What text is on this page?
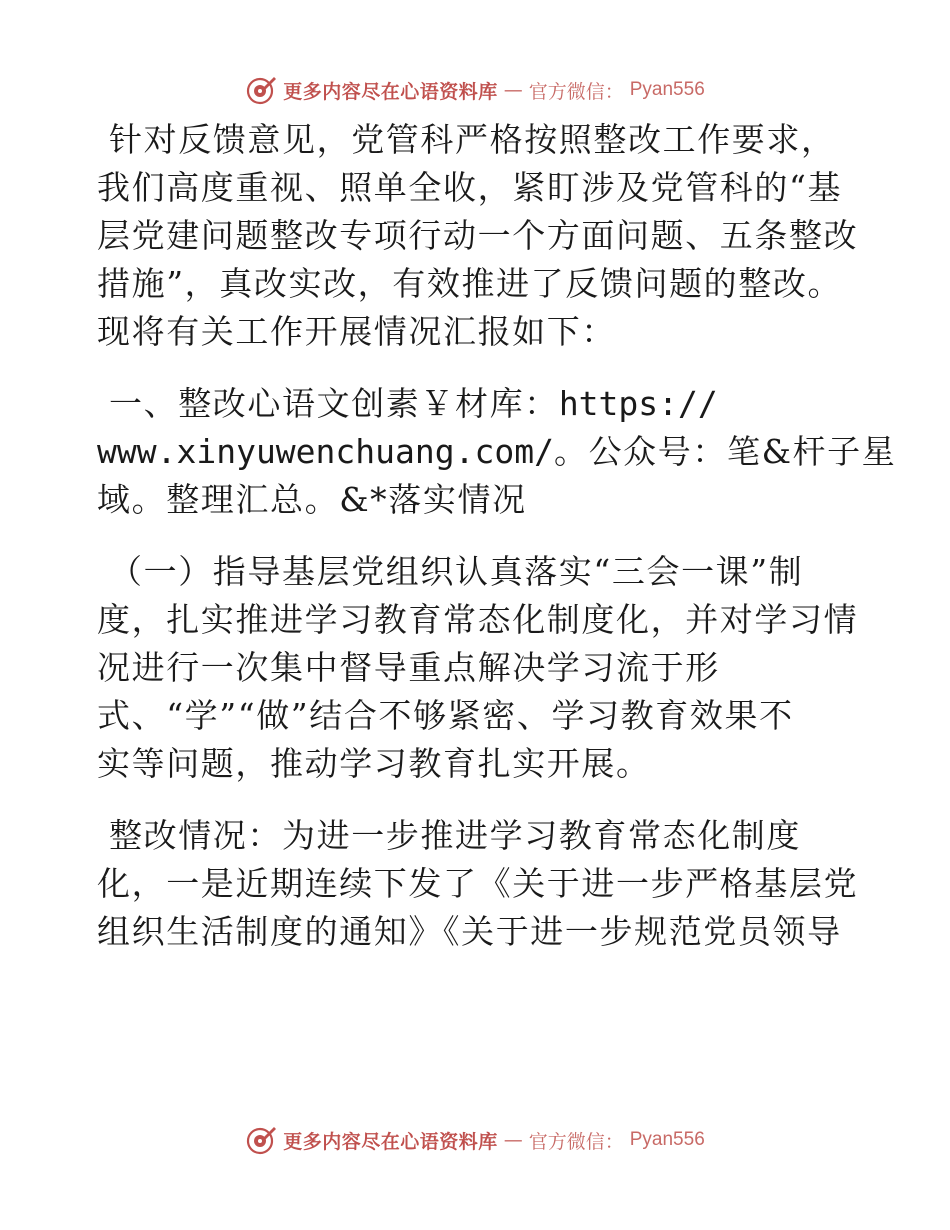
更多内容尽在心语资料库 — 官方微信： Pyan556
针对反馈意见，党管科严格按照整改工作要求，
我们高度重视、照单全收，紧盯涉及党管科的“基
层党建问题整改专项行动一个方面问题、五条整改
措施”，真改实改，有效推进了反馈问题的整改。
现将有关工作开展情况汇报如下：
一、整改心语文创素￥材库：https://
www.xinyuwenchuang.com/。公众号：笔&杆子星
域。整理汇总。&*落实情况
（一）指导基层党组织认真落实“三会一课”制
度，扎实推进学习教育常态化制度化，并对学习情
况进行一次集中督导重点解决学习流于形
式、“学”“做”结合不够紧密、学习教育效果不
实等问题，推动学习教育扎实开展。
整改情况：为进一步推进学习教育常态化制度
化，一是近期连续下发了《关于进一步严格基层党
组织生活制度的通知》《关于进一步规范党员领导
更多内容尽在心语资料库 — 官方微信： Pyan556
